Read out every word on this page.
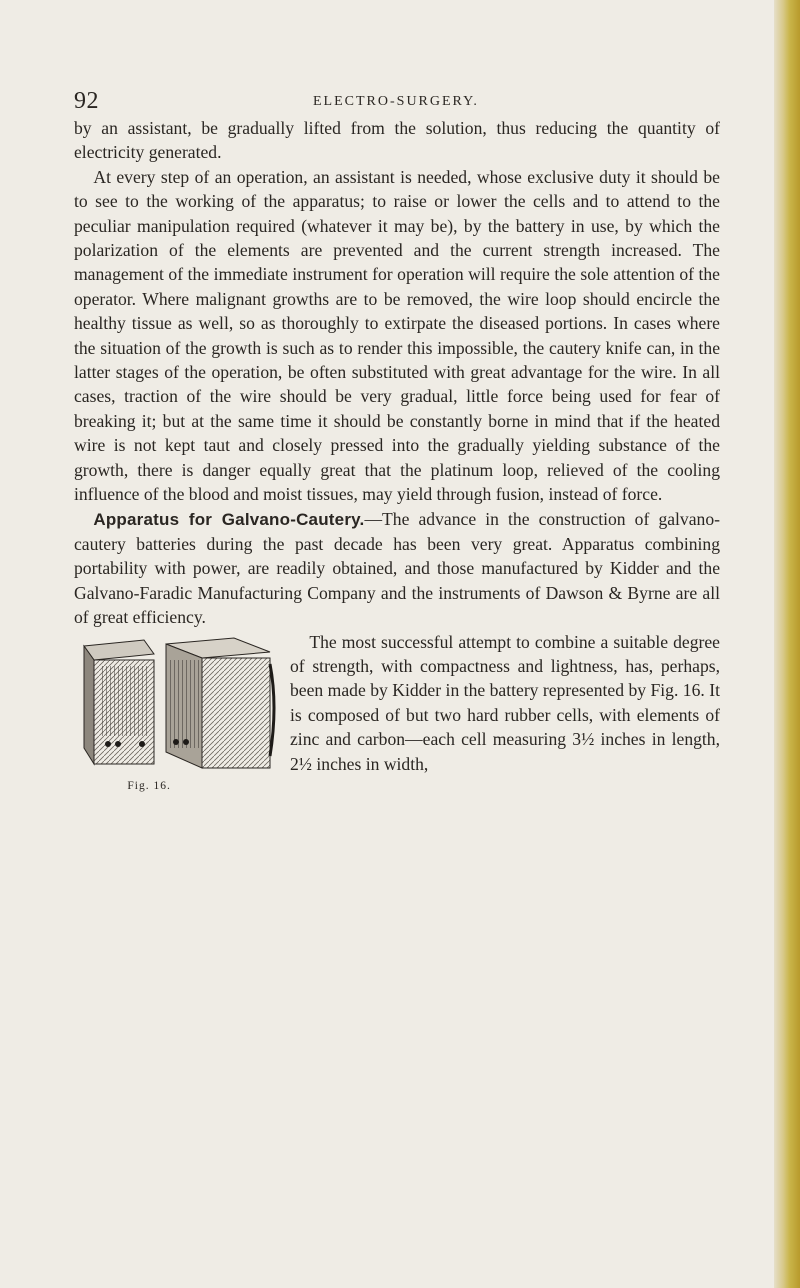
92	ELECTRO-SURGERY.

by an assistant, be gradually lifted from the solution, thus reducing the quantity of electricity generated.

At every step of an operation, an assistant is needed, whose exclusive duty it should be to see to the working of the apparatus; to raise or lower the cells and to attend to the peculiar manipulation required (whatever it may be), by the battery in use, by which the polarization of the elements are prevented and the current strength increased. The management of the immediate instrument for operation will require the sole attention of the operator. Where malignant growths are to be removed, the wire loop should encircle the healthy tissue as well, so as thoroughly to extirpate the diseased portions. In cases where the situation of the growth is such as to render this impossible, the cautery knife can, in the latter stages of the operation, be often substituted with great advantage for the wire. In all cases, traction of the wire should be very gradual, little force being used for fear of breaking it; but at the same time it should be constantly borne in mind that if the heated wire is not kept taut and closely pressed into the gradually yielding substance of the growth, there is danger equally great that the platinum loop, relieved of the cooling influence of the blood and moist tissues, may yield through fusion, instead of force.

Apparatus for Galvano-Cautery.—The advance in the construction of galvano-cautery batteries during the past decade has been very great. Apparatus combining portability with power, are readily obtained, and those manufactured by Kidder and the Galvano-Faradic Manufacturing Company and the instruments of Dawson & Byrne are all of great efficiency.

Fig. 16.
The most successful attempt to combine a suitable degree of strength, with compactness and lightness, has, perhaps, been made by Kidder in the battery represented by Fig. 16. It is composed of but two hard rubber cells, with elements of zinc and carbon—each cell measuring 3½ inches in length, 2½ inches in width,
